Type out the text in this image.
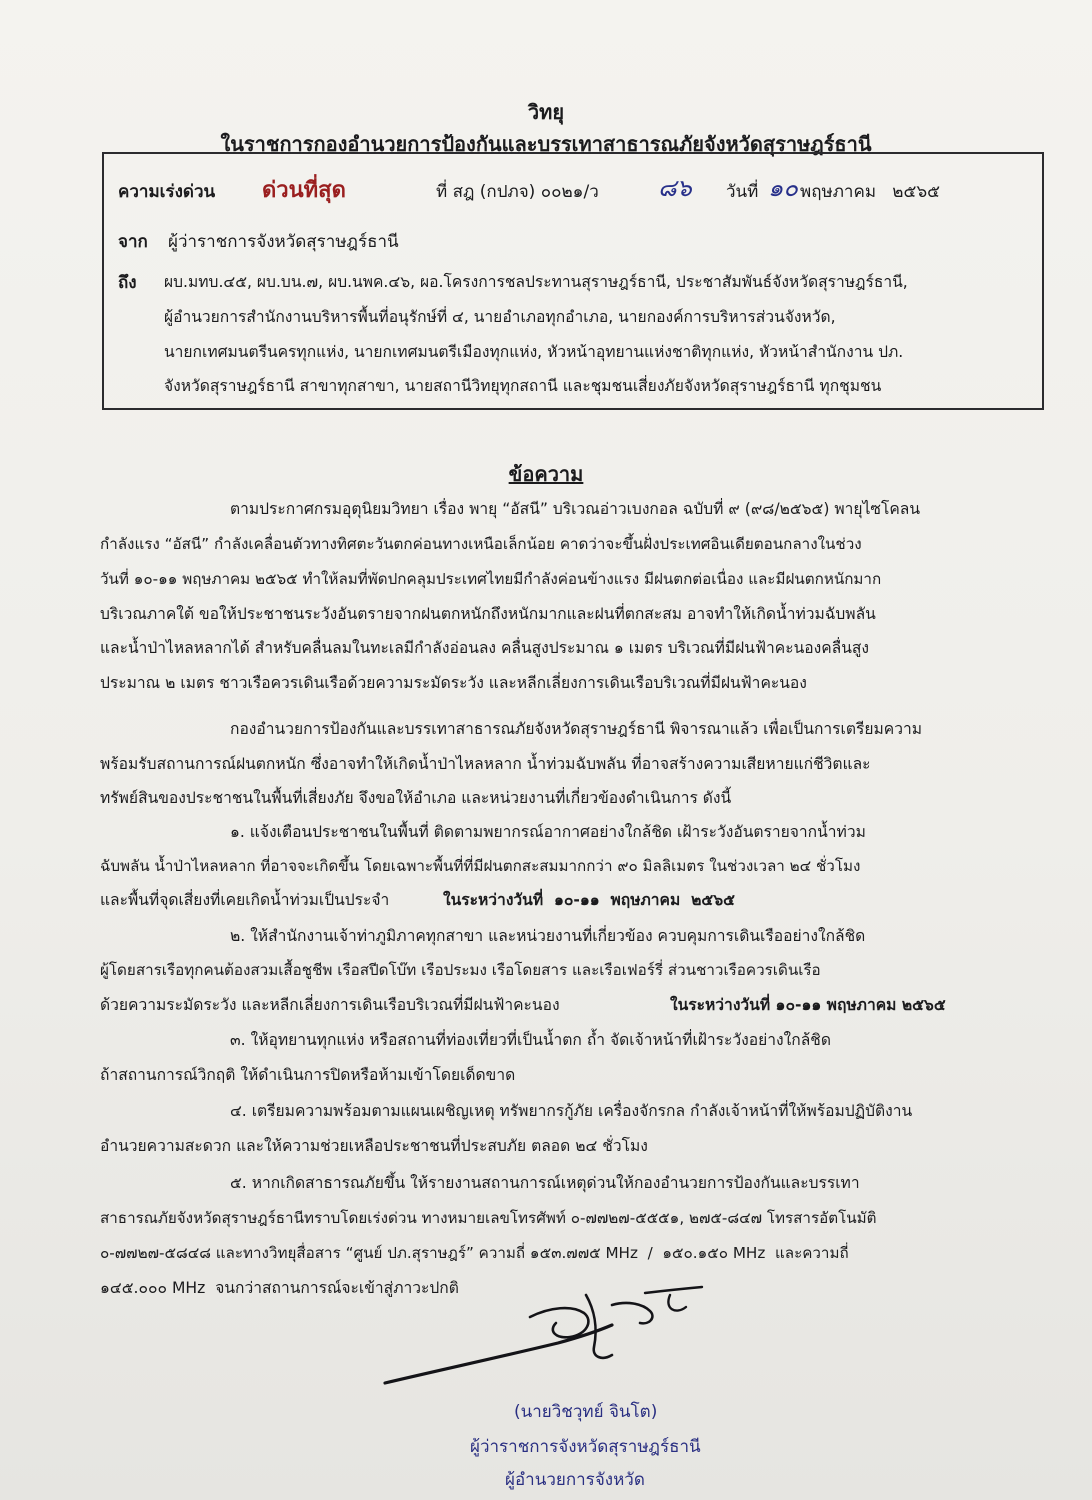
วิทยุ
ในราชการกองอำนวยการป้องกันและบรรเทาสาธารณภัยจังหวัดสุราษฎร์ธานี
ความเร่งด่วน ด่วนที่สุด	ที่ สฎ (กปภจ) ๐๐๒๑/ว ๘๖ วันที่ ๑๐ พฤษภาคม   ๒๕๖๕
จาก ผู้ว่าราชการจังหวัดสุราษฎร์ธานี
ถึง ผบ.มทบ.๔๕, ผบ.บน.๗, ผบ.นพค.๔๖, ผอ.โครงการชลประทานสุราษฎร์ธานี, ประชาสัมพันธ์จังหวัดสุราษฎร์ธานี,
ผู้อำนวยการสำนักงานบริหารพื้นที่อนุรักษ์ที่ ๔, นายอำเภอทุกอำเภอ, นายกองค์การบริหารส่วนจังหวัด,
นายกเทศมนตรีนครทุกแห่ง, นายกเทศมนตรีเมืองทุกแห่ง, หัวหน้าอุทยานแห่งชาติทุกแห่ง, หัวหน้าสำนักงาน ปภ.
จังหวัดสุราษฎร์ธานี สาขาทุกสาขา, นายสถานีวิทยุทุกสถานี และชุมชนเสี่ยงภัยจังหวัดสุราษฎร์ธานี ทุกชุมชน
ข้อความ
ตามประกาศกรมอุตุนิยมวิทยา เรื่อง พายุ “อัสนี” บริเวณอ่าวเบงกอล ฉบับที่ ๙ (๙๘/๒๕๖๕) พายุไซโคลน
กำลังแรง “อัสนี” กำลังเคลื่อนตัวทางทิศตะวันตกค่อนทางเหนือเล็กน้อย คาดว่าจะขึ้นฝั่งประเทศอินเดียตอนกลางในช่วง
วันที่ ๑๐-๑๑ พฤษภาคม ๒๕๖๕ ทำให้ลมที่พัดปกคลุมประเทศไทยมีกำลังค่อนข้างแรง มีฝนตกต่อเนื่อง และมีฝนตกหนักมาก
บริเวณภาคใต้ ขอให้ประชาชนระวังอันตรายจากฝนตกหนักถึงหนักมากและฝนที่ตกสะสม อาจทำให้เกิดน้ำท่วมฉับพลัน
และน้ำป่าไหลหลากได้ สำหรับคลื่นลมในทะเลมีกำลังอ่อนลง คลื่นสูงประมาณ ๑ เมตร บริเวณที่มีฝนฟ้าคะนองคลื่นสูง
ประมาณ ๒ เมตร ชาวเรือควรเดินเรือด้วยความระมัดระวัง และหลีกเลี่ยงการเดินเรือบริเวณที่มีฝนฟ้าคะนอง
กองอำนวยการป้องกันและบรรเทาสาธารณภัยจังหวัดสุราษฎร์ธานี พิจารณาแล้ว เพื่อเป็นการเตรียมความ
พร้อมรับสถานการณ์ฝนตกหนัก ซึ่งอาจทำให้เกิดน้ำป่าไหลหลาก น้ำท่วมฉับพลัน ที่อาจสร้างความเสียหายแก่ชีวิตและ
ทรัพย์สินของประชาชนในพื้นที่เสี่ยงภัย จึงขอให้อำเภอ และหน่วยงานที่เกี่ยวข้องดำเนินการ ดังนี้
๑. แจ้งเตือนประชาชนในพื้นที่ ติดตามพยากรณ์อากาศอย่างใกล้ชิด เฝ้าระวังอันตรายจากน้ำท่วม
ฉับพลัน น้ำป่าไหลหลาก ที่อาจจะเกิดขึ้น โดยเฉพาะพื้นที่ที่มีฝนตกสะสมมากกว่า ๙๐ มิลลิเมตร ในช่วงเวลา ๒๔ ชั่วโมง
และพื้นที่จุดเสี่ยงที่เคยเกิดน้ำท่วมเป็นประจำ	ในระหว่างวันที่  ๑๐-๑๑  พฤษภาคม  ๒๕๖๕
๒. ให้สำนักงานเจ้าท่าภูมิภาคทุกสาขา และหน่วยงานที่เกี่ยวข้อง ควบคุมการเดินเรืออย่างใกล้ชิด
ผู้โดยสารเรือทุกคนต้องสวมเสื้อชูชีพ เรือสปีดโบ๊ท เรือประมง เรือโดยสาร และเรือเฟอร์รี่ ส่วนชาวเรือควรเดินเรือ
ด้วยความระมัดระวัง และหลีกเลี่ยงการเดินเรือบริเวณที่มีฝนฟ้าคะนอง	ในระหว่างวันที่ ๑๐-๑๑ พฤษภาคม ๒๕๖๕
๓. ให้อุทยานทุกแห่ง หรือสถานที่ท่องเที่ยวที่เป็นน้ำตก ถ้ำ จัดเจ้าหน้าที่เฝ้าระวังอย่างใกล้ชิด
ถ้าสถานการณ์วิกฤติ ให้ดำเนินการปิดหรือห้ามเข้าโดยเด็ดขาด
๔. เตรียมความพร้อมตามแผนเผชิญเหตุ ทรัพยากรกู้ภัย เครื่องจักรกล กำลังเจ้าหน้าที่ให้พร้อมปฏิบัติงาน
อำนวยความสะดวก และให้ความช่วยเหลือประชาชนที่ประสบภัย ตลอด ๒๔ ชั่วโมง
๕. หากเกิดสาธารณภัยขึ้น ให้รายงานสถานการณ์เหตุด่วนให้กองอำนวยการป้องกันและบรรเทา
สาธารณภัยจังหวัดสุราษฎร์ธานีทราบโดยเร่งด่วน ทางหมายเลขโทรศัพท์ ๐-๗๗๒๗-๕๕๕๑, ๒๗๕-๘๔๗ โทรสารอัตโนมัติ
๐-๗๗๒๗-๕๘๔๘ และทางวิทยุสื่อสาร “ศูนย์ ปภ.สุราษฎร์” ความถี่ ๑๕๓.๗๗๕ MHz  /  ๑๕๐.๑๕๐ MHz  และความถี่
๑๔๕.๐๐๐ MHz  จนกว่าสถานการณ์จะเข้าสู่ภาวะปกติ
(นายวิชวุทย์ จินโต)
ผู้ว่าราชการจังหวัดสุราษฎร์ธานี
ผู้อำนวยการจังหวัด
